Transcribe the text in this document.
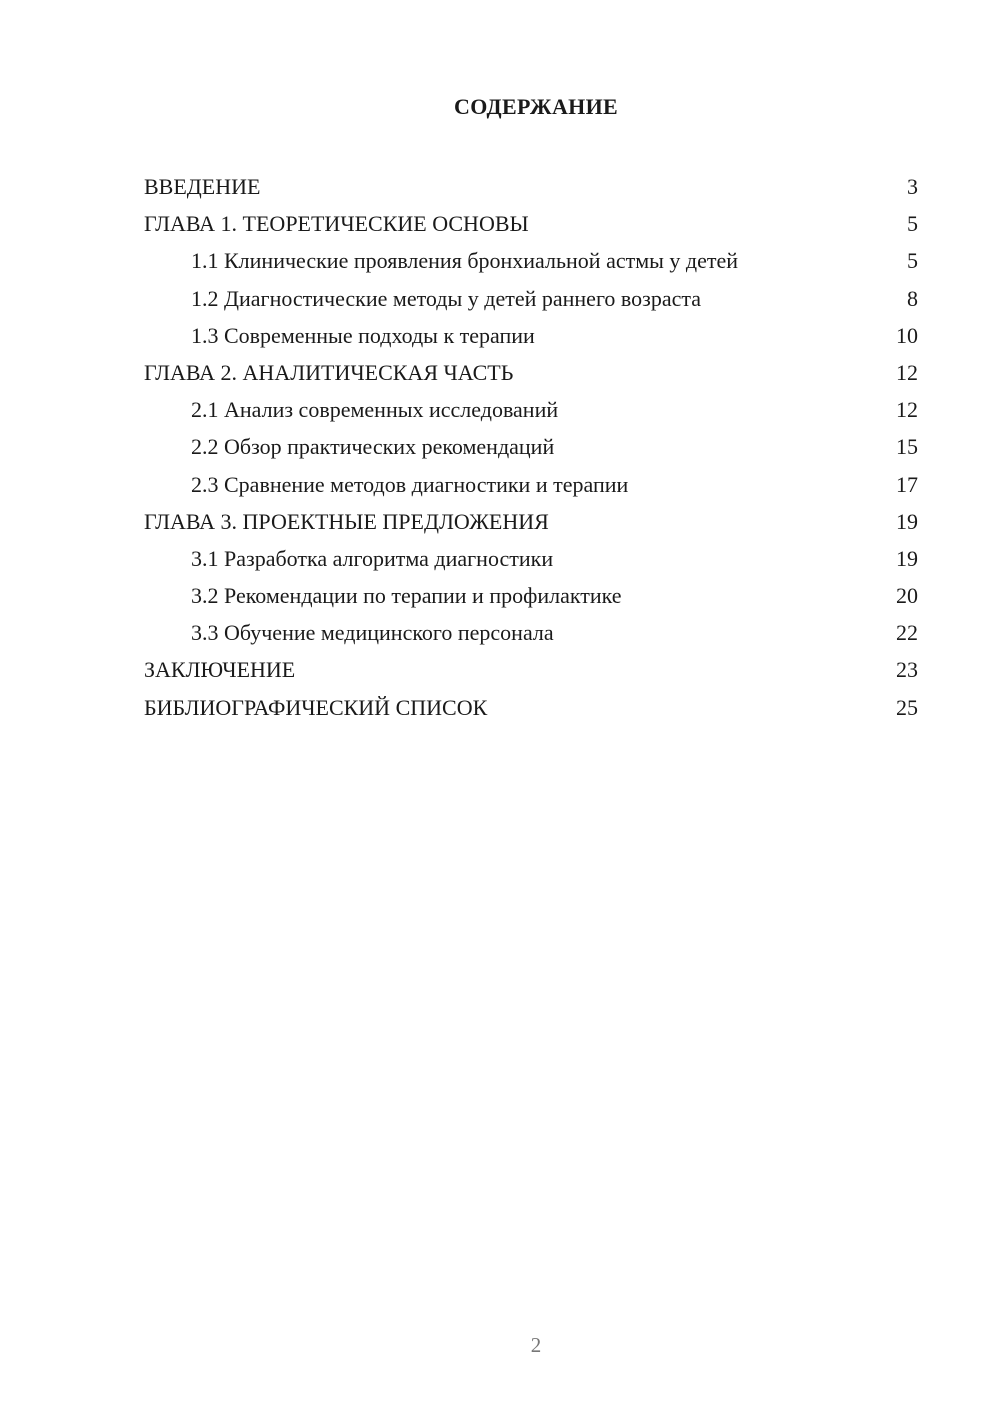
СОДЕРЖАНИЕ
ВВЕДЕНИЕ	3
ГЛАВА 1. ТЕОРЕТИЧЕСКИЕ ОСНОВЫ	5
1.1 Клинические проявления бронхиальной астмы у детей	5
1.2 Диагностические методы у детей раннего возраста	8
1.3 Современные подходы к терапии	10
ГЛАВА 2. АНАЛИТИЧЕСКАЯ ЧАСТЬ	12
2.1 Анализ современных исследований	12
2.2 Обзор практических рекомендаций	15
2.3 Сравнение методов диагностики и терапии	17
ГЛАВА 3. ПРОЕКТНЫЕ ПРЕДЛОЖЕНИЯ	19
3.1 Разработка алгоритма диагностики	19
3.2 Рекомендации по терапии и профилактике	20
3.3 Обучение медицинского персонала	22
ЗАКЛЮЧЕНИЕ	23
БИБЛИОГРАФИЧЕСКИЙ СПИСОК	25
2
